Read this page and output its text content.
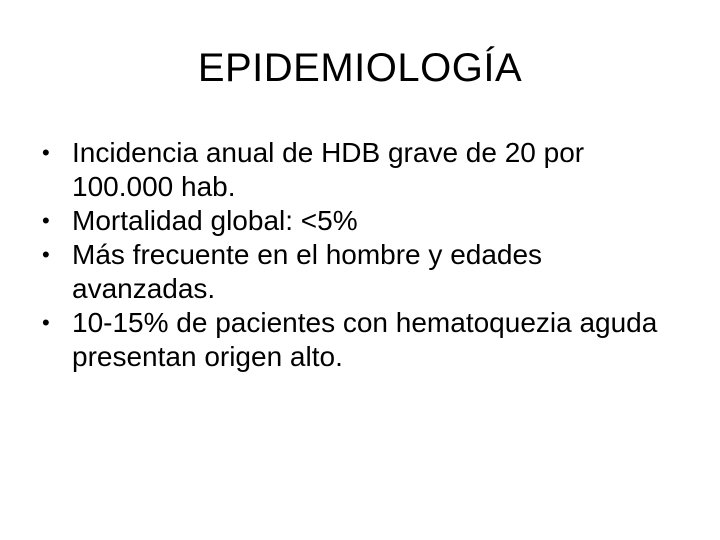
EPIDEMIOLOGÍA
• Incidencia anual de HDB grave de 20 por 100.000 hab.
• Mortalidad global: <5%
• Más frecuente en el hombre y edades avanzadas.
• 10-15% de pacientes con hematoquezia aguda presentan origen alto.
